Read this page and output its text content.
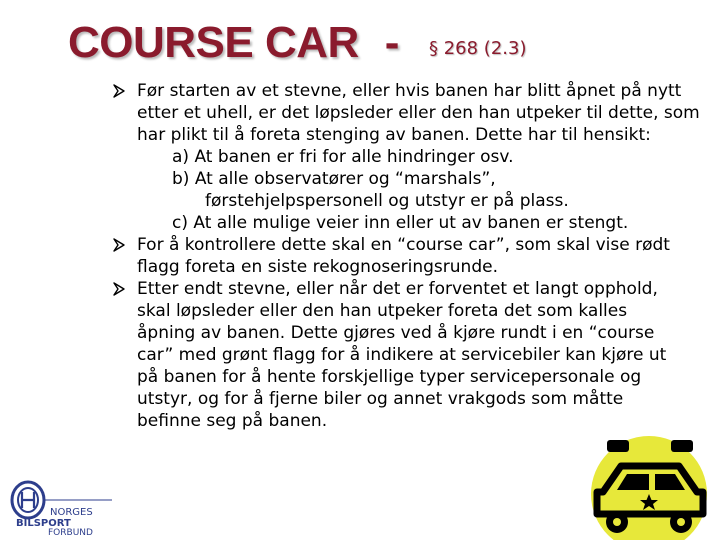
COURSE CAR - § 268 (2.3)
Før starten av et stevne, eller hvis banen har blitt åpnet på nytt etter et uhell, er det løpsleder eller den han utpeker til dette, som har plikt til å foreta stenging av banen. Dette har til hensikt:
a) At banen er fri for alle hindringer osv.
b) At alle observatører og “marshals”,
førstehjelpspersonell og utstyr er på plass.
c) At alle mulige veier inn eller ut av banen er stengt.
For å kontrollere dette skal en “course car”, som skal vise rødt flagg foreta en siste rekognoseringsrunde.
Etter endt stevne, eller når det er forventet et langt opphold, skal løpsleder eller den han utpeker foreta det som kalles åpning av banen. Dette gjøres ved å kjøre rundt i en “course car” med grønt flagg for å indikere at servicebiler kan kjøre ut på banen for å hente forskjellige typer servicepersonale og utstyr, og for å fjerne biler og annet vrakgods som måtte befinne seg på banen.
NORGES
BILSPORT
FORBUND
